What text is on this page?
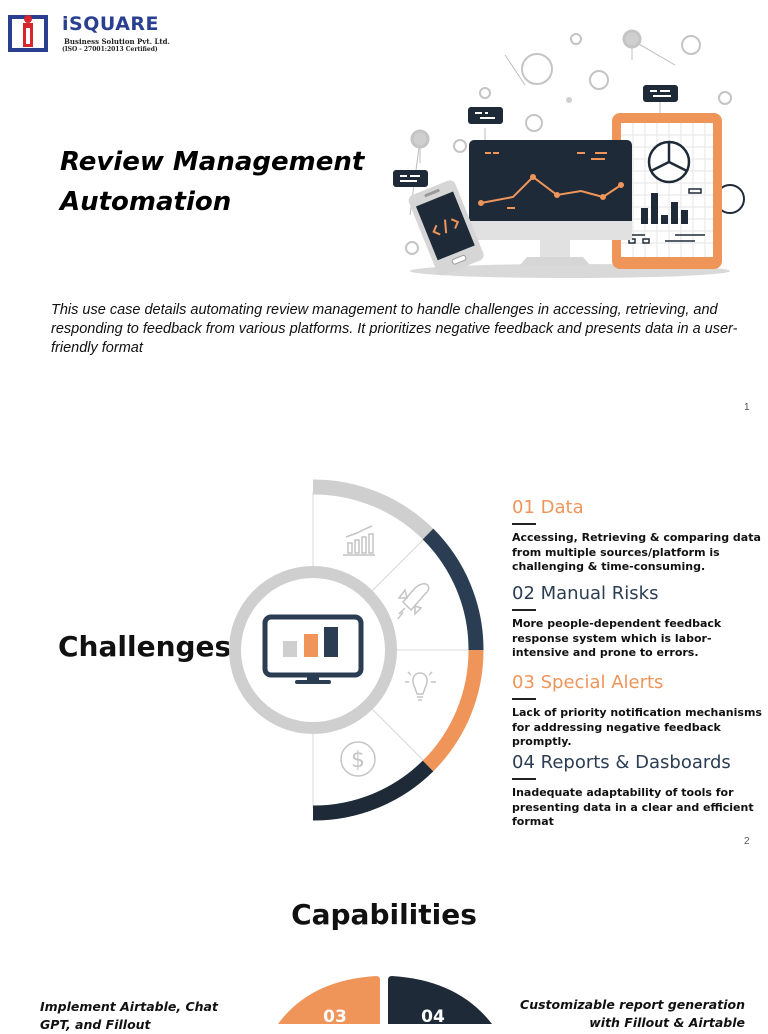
iSQUARE
Business Solution Pvt. Ltd.
(ISO - 27001:2013 Certified)
Review Management Automation
This use case details automating review management to handle challenges in accessing, retrieving, and responding to feedback from various platforms. It prioritizes negative feedback and presents data in a user-friendly format
1
Challenges
$
01 Data
Accessing, Retrieving & comparing data from multiple sources/platform is challenging & time-consuming.
02 Manual Risks
More people-dependent feedback response system which is labor-intensive and prone to errors.
03 Special Alerts
Lack of priority notification mechanisms for addressing negative feedback promptly.
04 Reports & Dasboards
Inadequate adaptability of tools for presenting data in a clear and efficient format
2
Capabilities
Implement Airtable, Chat GPT, and Fillout
Customizable report generation with Fillout & Airtable
03	04
